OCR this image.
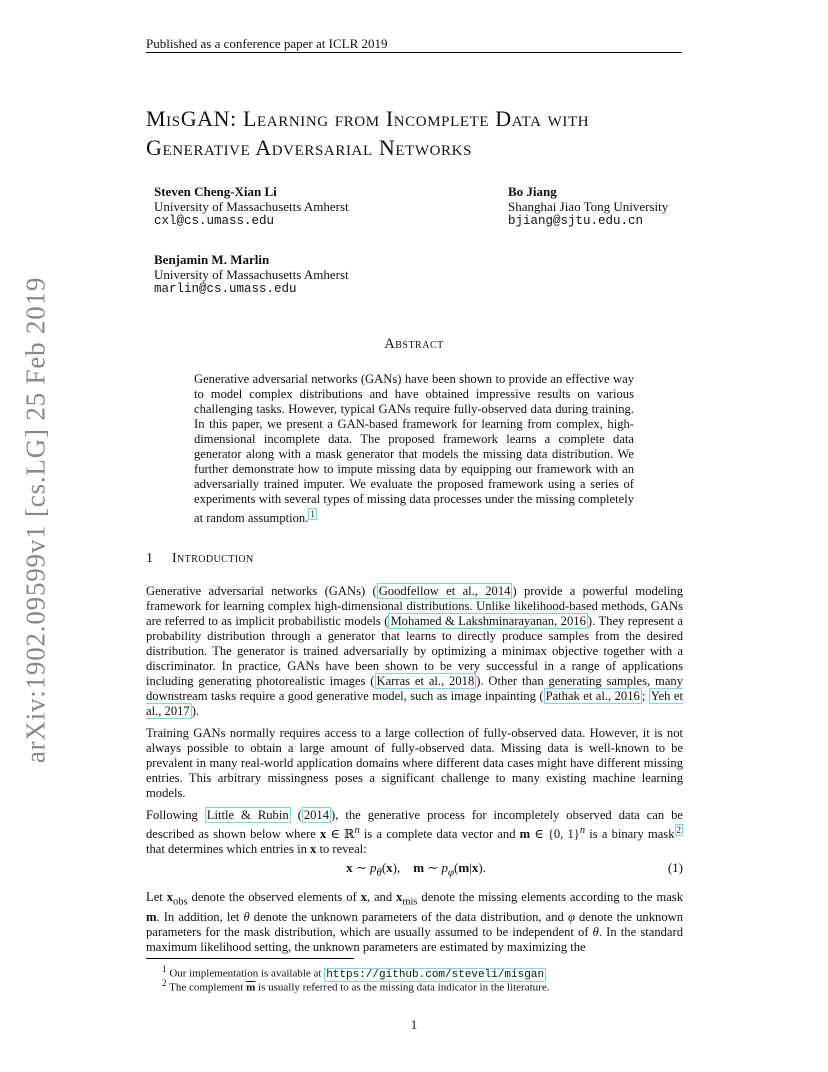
Published as a conference paper at ICLR 2019
arXiv:1902.09599v1 [cs.LG] 25 Feb 2019
MisGAN: Learning from Incomplete Data with
Generative Adversarial Networks
Steven Cheng-Xian Li
University of Massachusetts Amherst
cxl@cs.umass.edu
Bo Jiang
Shanghai Jiao Tong University
bjiang@sjtu.edu.cn
Benjamin M. Marlin
University of Massachusetts Amherst
marlin@cs.umass.edu
Abstract
Generative adversarial networks (GANs) have been shown to provide an effective way to model complex distributions and have obtained impressive results on various challenging tasks. However, typical GANs require fully-observed data during training. In this paper, we present a GAN-based framework for learning from complex, high-dimensional incomplete data. The proposed framework learns a complete data generator along with a mask generator that models the missing data distribution. We further demonstrate how to impute missing data by equipping our framework with an adversarially trained imputer. We evaluate the proposed framework using a series of experiments with several types of missing data processes under the missing completely at random assumption. $^1$
1 Introduction
Generative adversarial networks (GANs) ( Goodfellow et al., 2014 ) provide a powerful modeling framework for learning complex high-dimensional distributions. Unlike likelihood-based methods, GANs are referred to as implicit probabilistic models ( Mohamed & Lakshminarayanan, 2016 ). They represent a probability distribution through a generator that learns to directly produce samples from the desired distribution. The generator is trained adversarially by optimizing a minimax objective together with a discriminator. In practice, GANs have been shown to be very successful in a range of applications including generating photorealistic images ( Karras et al., 2018 ). Other than generating samples, many downstream tasks require a good generative model, such as image inpainting ( Pathak et al., 2016 ; Yeh et al., 2017 ).
Training GANs normally requires access to a large collection of fully-observed data. However, it is not always possible to obtain a large amount of fully-observed data. Missing data is well-known to be prevalent in many real-world application domains where different data cases might have different missing entries. This arbitrary missingness poses a significant challenge to many existing machine learning models.
Following Little & Rubin ( 2014 ), the generative process for incompletely observed data can be described as shown below where x ∈ ℝ$^n$ is a complete data vector and m ∈ {0, 1}$^n$ is a binary mask $^2$ that determines which entries in x to reveal:
x ∼ $p_\theta(x)$,    m ∼ $p_\varphi(m|x)$.	(1)
Let $x_{obs}$ denote the observed elements of x, and $x_{mis}$ denote the missing elements according to the mask m. In addition, let θ denote the unknown parameters of the data distribution, and φ denote the unknown parameters for the mask distribution, which are usually assumed to be independent of θ. In the standard maximum likelihood setting, the unknown parameters are estimated by maximizing the
$^1$ Our implementation is available at https://github.com/steveli/misgan
$^2$ The complement $\overline{m}$ is usually referred to as the missing data indicator in the literature.
1
